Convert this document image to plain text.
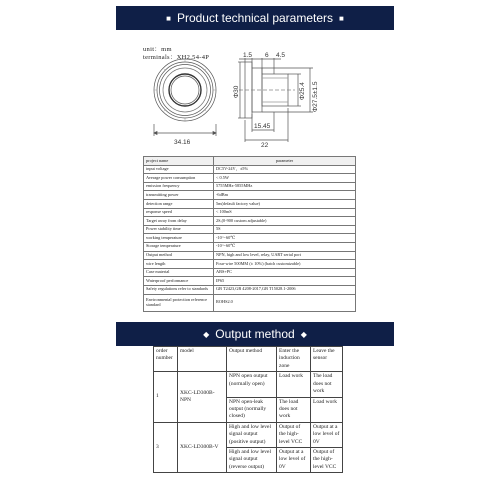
■ Product technical parameters ■
unit：mm
terminals：XH2.54-4P
34.16
1.5 6 4.5
Φ30	Φ25.4 Φ27.5±1.5
15.45
22
project name	parameter
input voltage	DC5V-24V，±5%
Average power consumption	< 0.5W
emission frequency	5755MHz-5855MHz
transmitting power	-6dBm
detection range	5m(default factory value)
response speed	< 100mS
Target away from delay	2S,(0-900 custom adjustable)
Power stability time	5S
working temperature	-10～60℃
Storage temperature	-10～60℃
Output method	NPN, high and low level, relay, UART serial port
wire length	Four-wire 500MM (± 10%) (batch customizable)
Case material	ABS+PC
Waterproof performance	IP65
Safety regulations refer to standards	GB T2423,GB 4208-2017,GB T15028.1-2006
Environmental protection reference standard	ROHS2.0
◆ Output method ◆
order number	model	Output method	Enter the induction zone	Leave the sensor
1	XKC-LD300B-NPN	NPN open output (normally open)	Load work	The load does not work
		NPN open-leak output (normally closed)	The load does not work	Load work
3	XKC-LD300B-V	High and low level signal output (positive output)	Output of the high-level VCC	Output at a low level of 0V
		High and low level signal output (reverse output)	Output at a low level of 0V	Output of the high-level VCC
